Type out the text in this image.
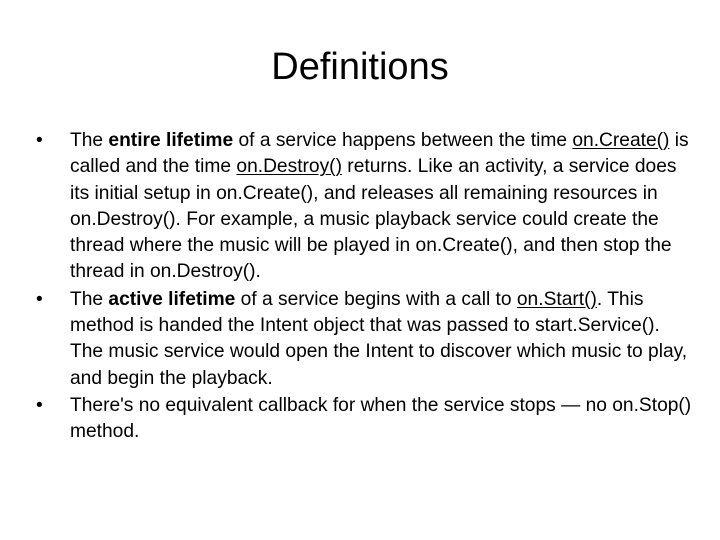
Definitions
•	The entire lifetime of a service happens between the time on.Create() is called and the time on.Destroy() returns. Like an activity, a service does its initial setup in on.Create(), and releases all remaining resources in on.Destroy(). For example, a music playback service could create the thread where the music will be played in on.Create(), and then stop the thread in on.Destroy().
•	The active lifetime of a service begins with a call to on.Start(). This method is handed the Intent object that was passed to start.Service(). The music service would open the Intent to discover which music to play, and begin the playback.
•	There's no equivalent callback for when the service stops — no on.Stop() method.
